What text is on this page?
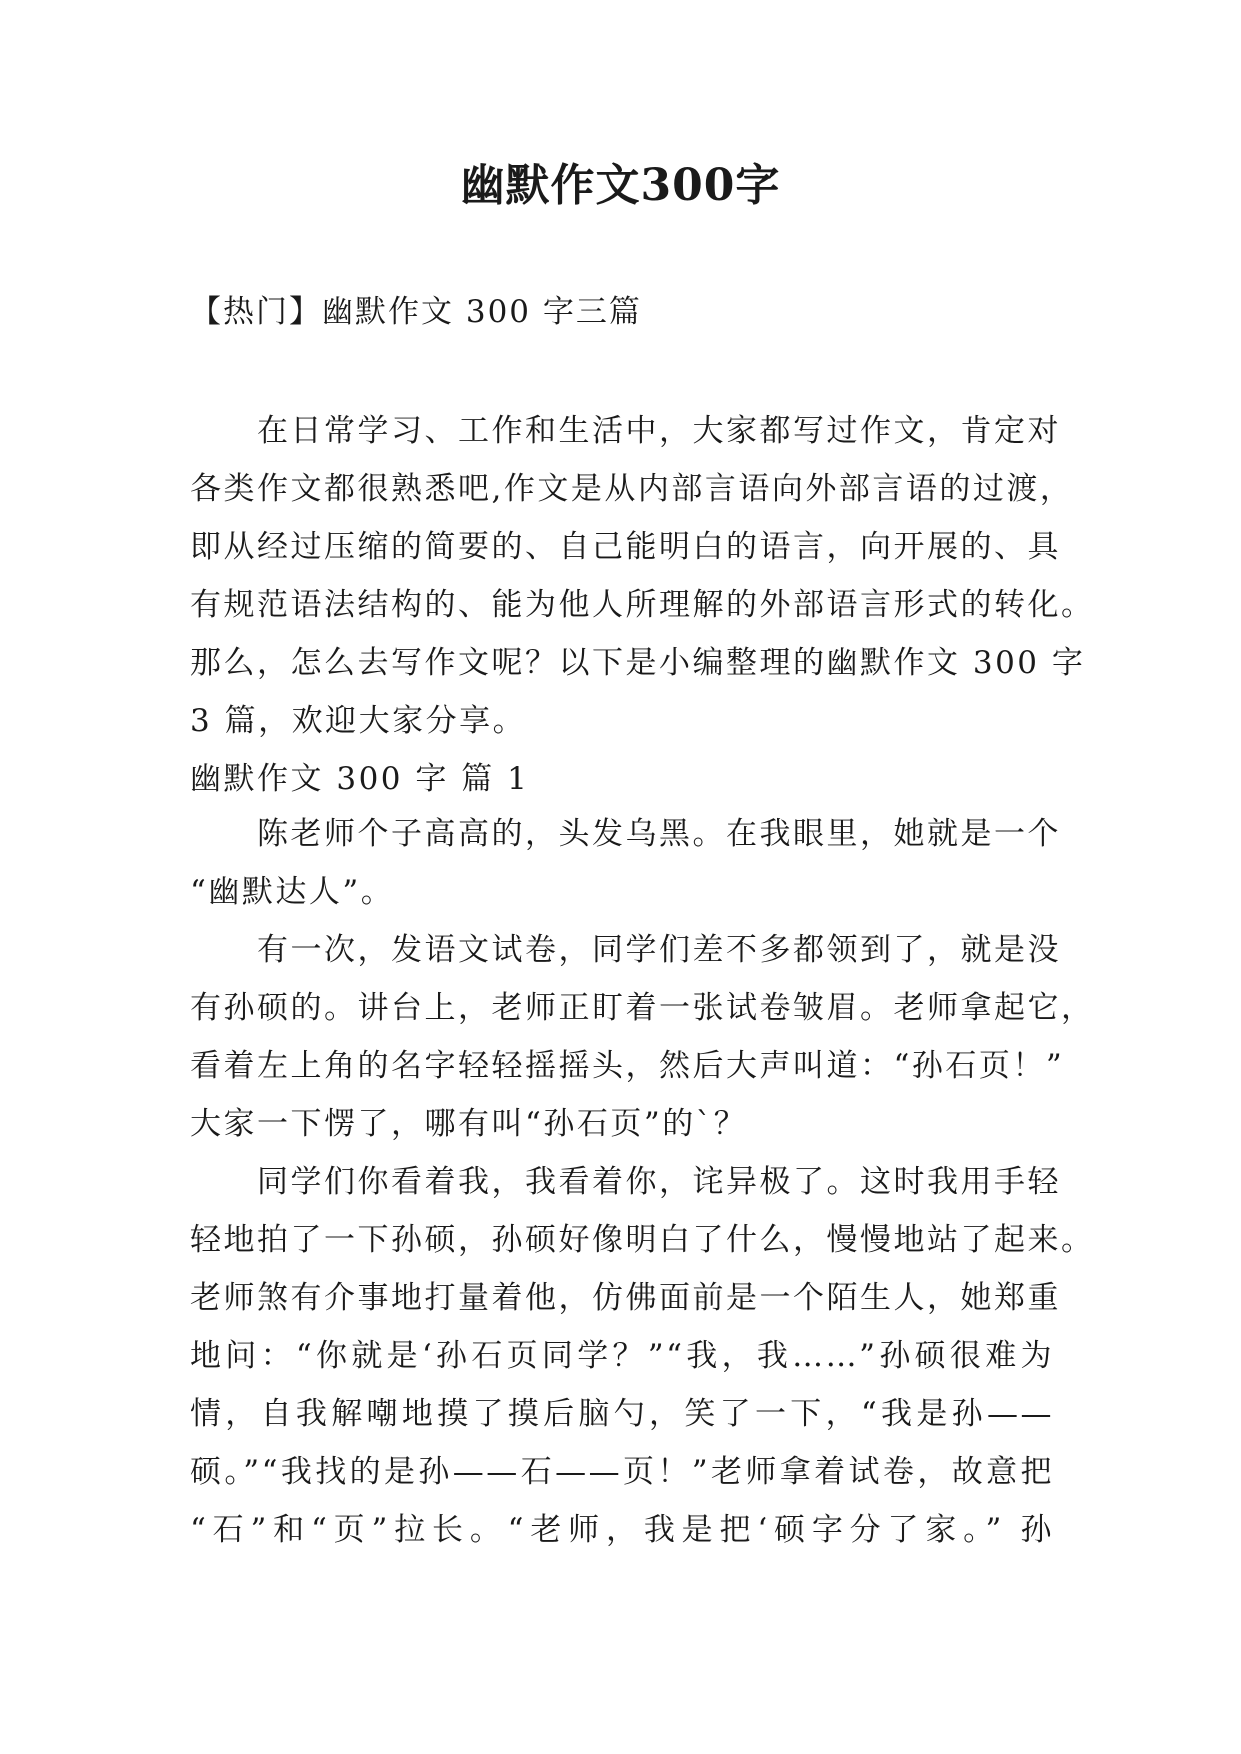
幽默作文300字
【热门】幽默作文 300 字三篇
　　在日常学习、工作和生活中，大家都写过作文，肯定对
各类作文都很熟悉吧,作文是从内部言语向外部言语的过渡，
即从经过压缩的简要的、自己能明白的语言，向开展的、具
有规范语法结构的、能为他人所理解的外部语言形式的转化。
那么，怎么去写作文呢？以下是小编整理的幽默作文 300 字
3 篇，欢迎大家分享。
幽默作文 300 字 篇 1
　　陈老师个子高高的，头发乌黑。在我眼里，她就是一个
“幽默达人”。
　　有一次，发语文试卷，同学们差不多都领到了，就是没
有孙硕的。讲台上，老师正盯着一张试卷皱眉。老师拿起它，
看着左上角的名字轻轻摇摇头，然后大声叫道：“孙石页！”
大家一下愣了，哪有叫“孙石页”的`？
　　同学们你看着我，我看着你，诧异极了。这时我用手轻
轻地拍了一下孙硕，孙硕好像明白了什么，慢慢地站了起来。
老师煞有介事地打量着他，仿佛面前是一个陌生人，她郑重
地问：“你就是‘孙石页同学？”“我，我……”孙硕很难为
情，自我解嘲地摸了摸后脑勺，笑了一下，“我是孙——
硕。”“我找的是孙——石——页！”老师拿着试卷，故意把
“石”和“页”拉长。“老师，我是把‘硕字分了家。” 孙
